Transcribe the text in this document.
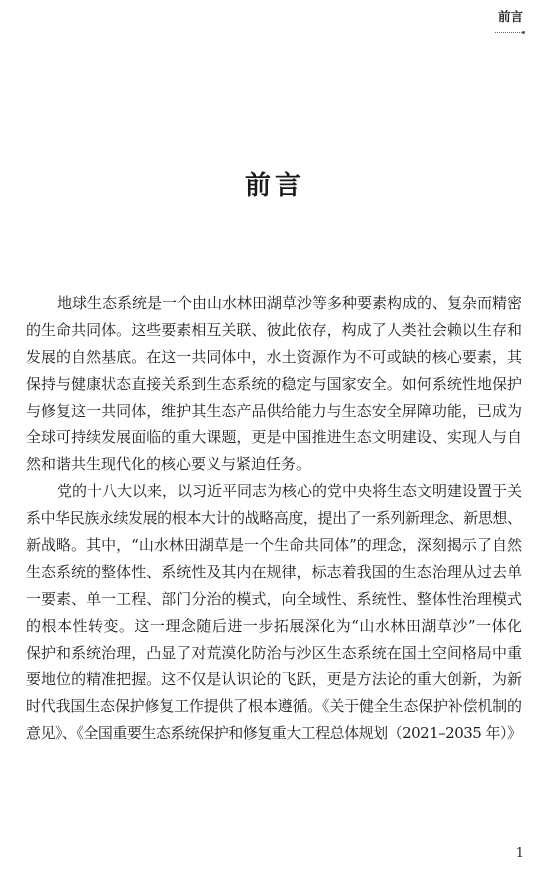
前言
前言
地球生态系统是一个由山水林田湖草沙等多种要素构成的、复杂而精密
的生命共同体。这些要素相互关联、彼此依存，构成了人类社会赖以生存和
发展的自然基底。在这一共同体中，水土资源作为不可或缺的核心要素，其
保持与健康状态直接关系到生态系统的稳定与国家安全。如何系统性地保护
与修复这一共同体，维护其生态产品供给能力与生态安全屏障功能，已成为
全球可持续发展面临的重大课题，更是中国推进生态文明建设、实现人与自
然和谐共生现代化的核心要义与紧迫任务。
党的十八大以来，以习近平同志为核心的党中央将生态文明建设置于关
系中华民族永续发展的根本大计的战略高度，提出了一系列新理念、新思想、
新战略。其中，“山水林田湖草是一个生命共同体”的理念，深刻揭示了自然
生态系统的整体性、系统性及其内在规律，标志着我国的生态治理从过去单
一要素、单一工程、部门分治的模式，向全域性、系统性、整体性治理模式
的根本性转变。这一理念随后进一步拓展深化为“山水林田湖草沙”一体化
保护和系统治理，凸显了对荒漠化防治与沙区生态系统在国土空间格局中重
要地位的精准把握。这不仅是认识论的飞跃，更是方法论的重大创新，为新
时代我国生态保护修复工作提供了根本遵循。《关于健全生态保护补偿机制的
意见》、《全国重要生态系统保护和修复重大工程总体规划（2021–2035 年）》
1
